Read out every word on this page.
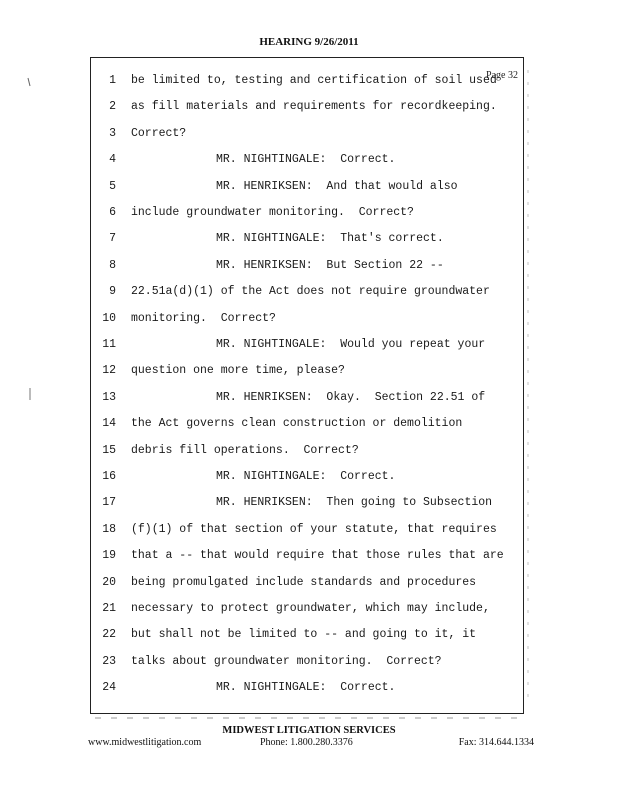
HEARING 9/26/2011
Page 32
1 be limited to, testing and certification of soil used
2 as fill materials and requirements for recordkeeping.
3 Correct?
4	MR. NIGHTINGALE:  Correct.
5	MR. HENRIKSEN:  And that would also
6 include groundwater monitoring.  Correct?
7	MR. NIGHTINGALE:  That's correct.
8	MR. HENRIKSEN:  But Section 22 --
9 22.51a(d)(1) of the Act does not require groundwater
10 monitoring.  Correct?
11	MR. NIGHTINGALE:  Would you repeat your
12 question one more time, please?
13	MR. HENRIKSEN:  Okay.  Section 22.51 of
14 the Act governs clean construction or demolition
15 debris fill operations.  Correct?
16	MR. NIGHTINGALE:  Correct.
17	MR. HENRIKSEN:  Then going to Subsection
18 (f)(1) of that section of your statute, that requires
19 that a -- that would require that those rules that are
20 being promulgated include standards and procedures
21 necessary to protect groundwater, which may include,
22 but shall not be limited to -- and going to it, it
23 talks about groundwater monitoring.  Correct?
24	MR. NIGHTINGALE:  Correct.
MIDWEST LITIGATION SERVICES
www.midwestlitigation.com	Phone: 1.800.280.3376	Fax: 314.644.1334
